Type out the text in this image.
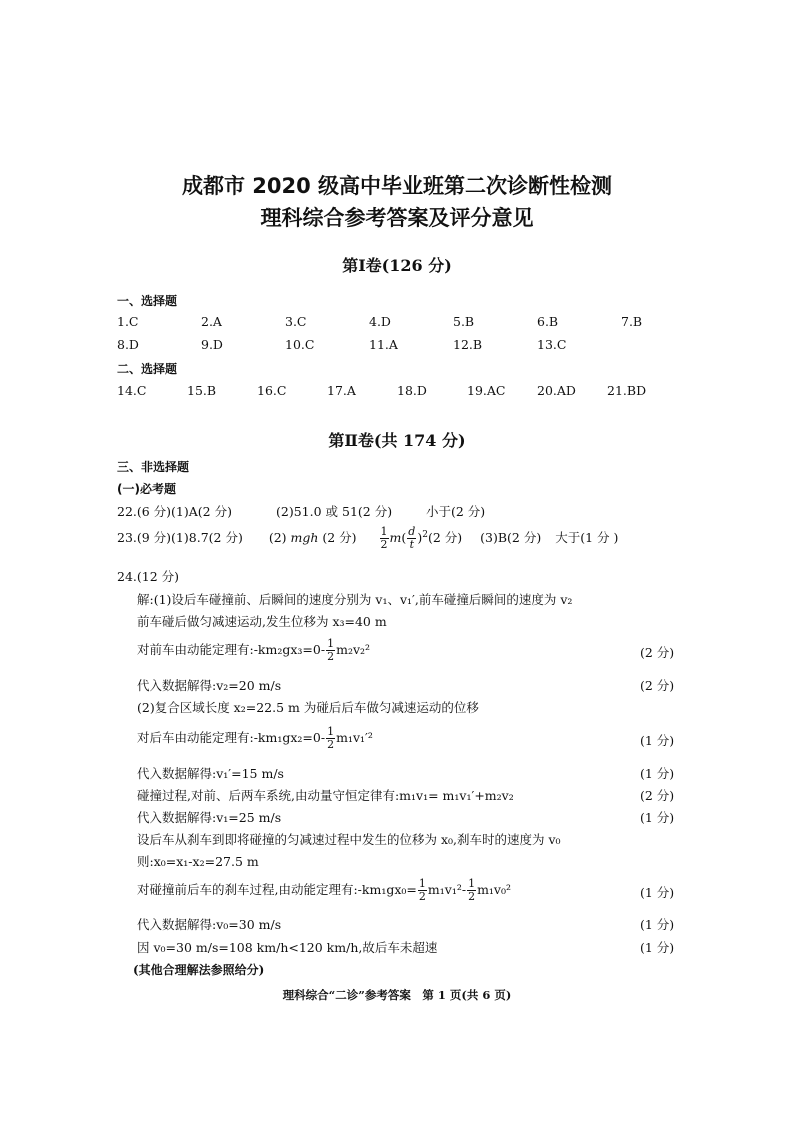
成都市 2020 级高中毕业班第二次诊断性检测
理科综合参考答案及评分意见
第Ⅰ卷(126 分)
一、选择题
1.C	2.A	3.C	4.D	5.B	6.B	7.B
8.D	9.D	10.C	11.A	12.B	13.C
二、选择题
14.C	15.B	16.C	17.A	18.D	19.AC	20.AD 21.BD
第Ⅱ卷(共 174 分)
三、非选择题
(一)必考题
22.(6 分)(1)A(2 分)	(2)51.0 或 51(2 分)	小于(2 分)
23.(9 分)(1)8.7(2 分) (2) mgh (2 分) $\frac{1}{2} m( \frac{d}{t} )^2(2$ 分) (3)B(2 分) 大于(1 分 )
24.(12 分)
解:(1)设后车碰撞前、后瞬间的速度分别为 v₁、v₁′,前车碰撞后瞬间的速度为 v₂
前车碰后做匀减速运动,发生位移为 x₃=40 m
对前车由动能定理有:-km₂gx₃=0- $\frac{1}{2} m_2v_2^2$	(2 分)
代入数据解得:v₂=20 m/s	(2 分)
(2)复合区域长度 x₂=22.5 m 为碰后后车做匀减速运动的位移
对后车由动能定理有:-km₁gx₂=0- $\frac{1}{2} m_1v_1'^2$	(1 分)
代入数据解得:v₁′=15 m/s	(1 分)
碰撞过程,对前、后两车系统,由动量守恒定律有:m₁v₁= m₁v₁′+m₂v₂	(2 分)
代入数据解得:v₁=25 m/s	(1 分)
设后车从刹车到即将碰撞的匀减速过程中发生的位移为 x₀,刹车时的速度为 v₀
则:x₀=x₁-x₂=27.5 m
对碰撞前后车的刹车过程,由动能定理有:-km₁gx₀= $\frac{1}{2} m_1v_1^2- \frac{1}{2} m_1v_0^2$	(1 分)
代入数据解得:v₀=30 m/s	(1 分)
因 v₀=30 m/s=108 km/h<120 km/h,故后车未超速	(1 分)
(其他合理解法参照给分)
理科综合“二诊”参考答案　第 1 页(共 6 页)
